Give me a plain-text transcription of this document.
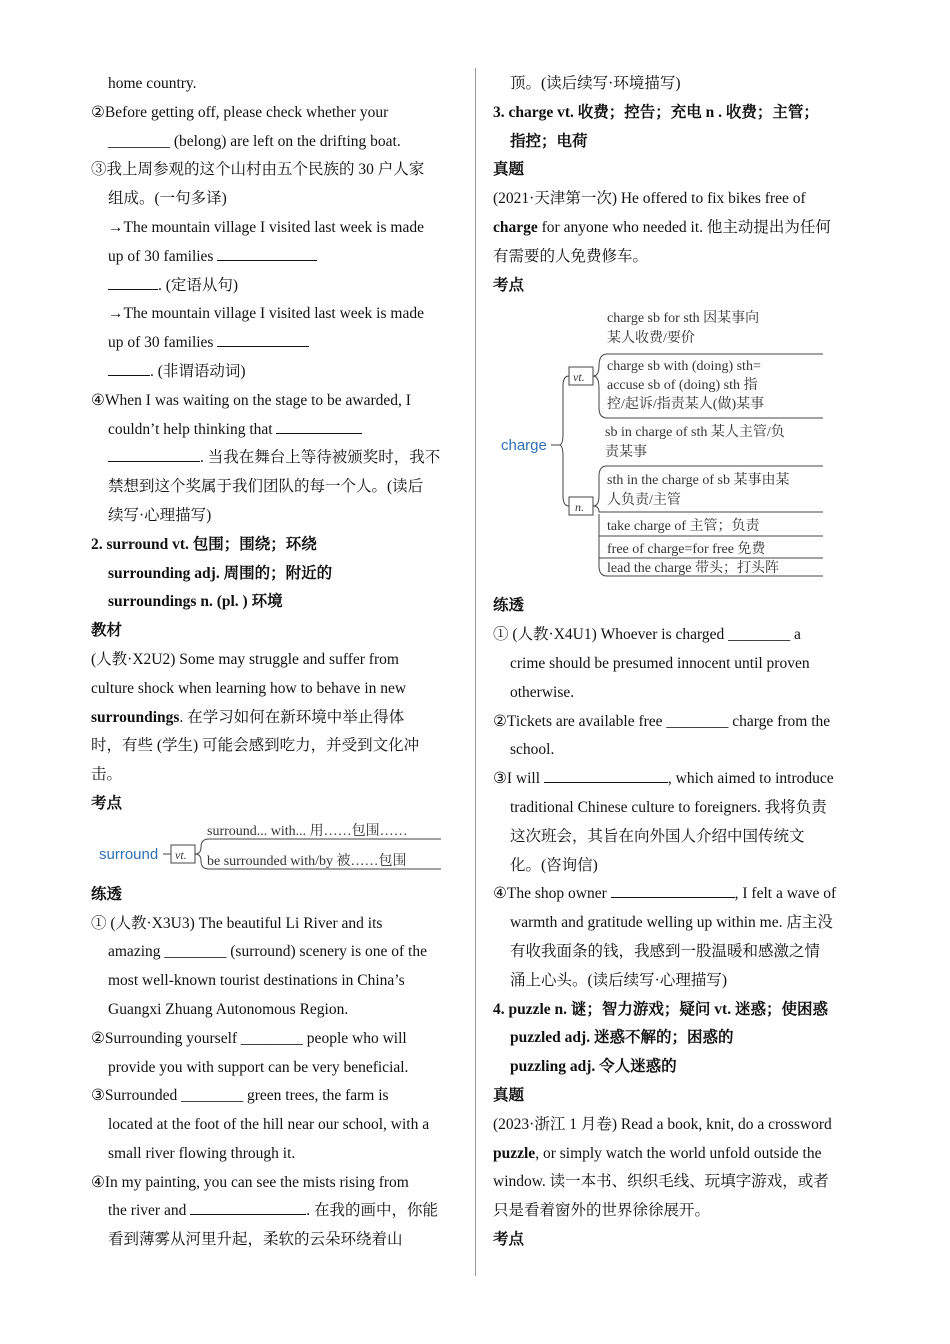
home country.
②Before getting off, please check whether your
________ (belong) are left on the drifting boat.
③我上周参观的这个山村由五个民族的 30 户人家
组成。(一句多译)
→The mountain village I visited last week is made
up of 30 families
. (定语从句)
→The mountain village I visited last week is made
up of 30 families
. (非谓语动词)
④When I was waiting on the stage to be awarded, I
couldn’t help thinking that
. 当我在舞台上等待被颁奖时，我不
禁想到这个奖属于我们团队的每一个人。(读后
续写·心理描写)
2. surround vt. 包围；围绕；环绕
surrounding adj. 周围的；附近的
surroundings n. (pl. ) 环境
教材
(人教·X2U2) Some may struggle and suffer from
culture shock when learning how to behave in new
surroundings. 在学习如何在新环境中举止得体
时，有些 (学生) 可能会感到吃力，并受到文化冲
击。
考点
surround vt.
surround... with... 用……包围……
be surrounded with/by 被……包围
练透
① (人教·X3U3) The beautiful Li River and its
amazing ________ (surround) scenery is one of the
most well-known tourist destinations in China’s
Guangxi Zhuang Autonomous Region.
②Surrounding yourself ________ people who will
provide you with support can be very beneficial.
③Surrounded ________ green trees, the farm is
located at the foot of the hill near our school, with a
small river flowing through it.
④In my painting, you can see the mists rising from
the river and	. 在我的画中，你能
看到薄雾从河里升起，柔软的云朵环绕着山
顶。(读后续写·环境描写)
3. charge vt. 收费；控告；充电 n . 收费；主管；
指控；电荷
真题
(2021·天津第一次) He offered to fix bikes free of
charge for anyone who needed it. 他主动提出为任何
有需要的人免费修车。
考点
charge
vt.
n.
charge sb for sth 因某事向
某人收费/要价
charge sb with (doing) sth=
accuse sb of (doing) sth 指
控/起诉/指责某人(做)某事
sb in charge of sth 某人主管/负
责某事
sth in the charge of sb 某事由某
人负责/主管
take charge of 主管；负责
free of charge=for free 免费
lead the charge 带头；打头阵
练透
① (人教·X4U1) Whoever is charged ________ a
crime should be presumed innocent until proven
otherwise.
②Tickets are available free ________ charge from the
school.
③I will	, which aimed to introduce
traditional Chinese culture to foreigners. 我将负责
这次班会，其旨在向外国人介绍中国传统文
化。(咨询信)
④The shop owner	, I felt a wave of
warmth and gratitude welling up within me. 店主没
有收我面条的钱，我感到一股温暖和感激之情
涌上心头。(读后续写·心理描写)
4. puzzle n. 谜；智力游戏；疑问 vt. 迷惑；使困惑
puzzled adj. 迷惑不解的；困惑的
puzzling adj. 令人迷惑的
真题
(2023·浙江 1 月卷) Read a book, knit, do a crossword
puzzle, or simply watch the world unfold outside the
window. 读一本书、织织毛线、玩填字游戏，或者
只是看着窗外的世界徐徐展开。
考点
